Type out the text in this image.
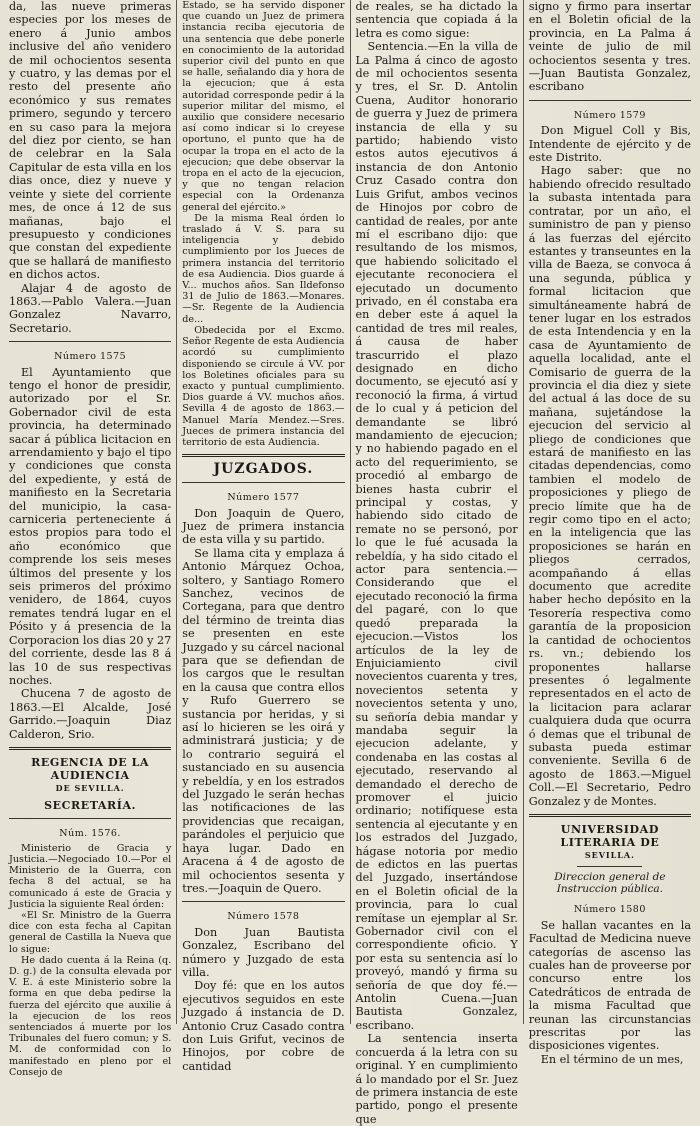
da, las nueve primeras especies por los meses de enero á Junio ambos inclusive del año venidero de mil ochocientos sesenta y cuatro, y las demas por el resto del presente año económico y sus remates primero, segundo y tercero en su caso para la mejora del diez por ciento, se han de celebrar en la Sala Capitular de esta villa en los dias once, diez y nueve y veinte y siete del corriente mes, de once á 12 de sus mañanas, bajo el presupuesto y condiciones que constan del expediente que se hallará de manifiesto en dichos actos.

Alajar 4 de agosto de 1863.—Pablo Valera.—Juan Gonzalez Navarro, Secretario.

Número 1575

El Ayuntamiento que tengo el honor de presidir, autorizado por el Sr. Gobernador civil de esta provincia, ha determinado sacar á pública licitacion en arrendamiento y bajo el tipo y condiciones que consta del expediente, y está de manifiesto en la Secretaria del municipio, la casa-carniceria perteneciente á estos propios para todo el año económico que comprende los seis meses últimos del presente y los seis primeros del próximo venidero, de 1864, cuyos remates tendrá lugar en el Pósito y á presencia de la Corporacion los dias 20 y 27 del corriente, desde las 8 á las 10 de sus respectivas noches.

Chucena 7 de agosto de 1863.—El Alcalde, José Garrido.—Joaquin Diaz Calderon, Srio.

REGENCIA DE LA AUDIENCIA
DE SEVILLA.
SECRETARÍA.
Núm. 1576.

Ministerio de Gracia y Justicia.—Negociado 10.—Por el Ministerio de la Guerra, con fecha 8 del actual, se ha comunicado á este de Gracia y Justicia la siguiente Real órden:

«El Sr. Ministro de la Guerra dice con esta fecha al Capitan general de Castilla la Nueva que lo sigue:

He dado cuenta á la Reina (q. D. g.) de la consulta elevada por V. E. á este Ministerio sobre la forma en que deba pedirse la fuerza del ejército que auxilie á la ejecucion de los reos sentenciados á muerte por los Tribunales del fuero comun; y S. M. de conformidad con lo manifestado en pleno por el Consejo de

Estado, se ha servido disponer que cuando un Juez de primera instancia reciba ejecutoria de una sentencia que debe ponerle en conocimiento de la autoridad superior civil del punto en que se halle, señalando dia y hora de la ejecucion; que á esta autoridad corresponde pedir á la superior militar del mismo, el auxilio que considere necesario así como indicar si lo creyese oportuno, el punto que ha de ocupar la tropa en el acto de la ejecucion; que debe observar la tropa en el acto de la ejecucion, y que no tengan relacion especial con la Ordenanza general del ejército.»

De la misma Real órden lo traslado á V. S. para su inteligencia y debido cumplimiento por los Jueces de primera instancia del territorio de esa Audiencia. Dios guarde á V... muchos años. San Ildefonso 31 de Julio de 1863.—Monares.—Sr. Regente de la Audiencia de...

Obedecida por el Excmo. Señor Regente de esta Audiencia acordó su cumplimiento disponiendo se circule á VV. por los Boletines oficiales para su exacto y puntual cumplimiento. Dios guarde á VV. muchos años. Sevilla 4 de agosto de 1863.—Manuel María Mendez.—Sres. Jueces de primera instancia del territorio de esta Audiencia.

JUZGADOS.
Número 1577

Don Joaquin de Quero, Juez de primera instancia de esta villa y su partido.

Se llama cita y emplaza á Antonio Márquez Ochoa, soltero, y Santiago Romero Sanchez, vecinos de Cortegana, para que dentro del término de treinta dias se presenten en este Juzgado y su cárcel nacional para que se defiendan de los cargos que le resultan en la causa que contra ellos y Rufo Guerrero se sustancia por heridas, y si así lo hicieren se les oirá y administrará justicia; y de lo contrario seguirá el sustanciado en su ausencia y rebeldía, y en los estrados del Juzgado le serán hechas las notificaciones de las providencias que recaigan, parándoles el perjuicio que haya lugar. Dado en Aracena á 4 de agosto de mil ochocientos sesenta y tres.—Joaquin de Quero.

Número 1578

Don Juan Bautista Gonzalez, Escribano del número y Juzgado de esta villa.

Doy fé: que en los autos ejecutivos seguidos en este Juzgado á instancia de D. Antonio Cruz Casado contra don Luis Grifut, vecinos de Hinojos, por cobre de cantidad

de reales, se ha dictado la sentencia que copiada á la letra es como sigue:

Sentencia.—En la villa de La Palma á cinco de agosto de mil ochocientos sesenta y tres, el Sr. D. Antolin Cuena, Auditor honorario de guerra y Juez de primera instancia de ella y su partido; habiendo visto estos autos ejecutivos á instancia de don Antonio Cruz Casado contra don Luis Grifut, ambos vecinos de Hinojos por cobro de cantidad de reales, por ante mí el escribano dijo: que resultando de los mismos, que habiendo solicitado el ejecutante reconociera el ejecutado un documento privado, en él constaba era en deber este á aquel la cantidad de tres mil reales, á causa de haber trascurrido el plazo designado en dicho documento, se ejecutó así y reconoció la firma, á virtud de lo cual y á peticion del demandante se libró mandamiento de ejecucion; y no habiendo pagado en el acto del requerimiento, se procedió al embargo de bienes hasta cubrir el principal y costas, y habiendo sido citado de remate no se personó, por lo que le fué acusada la rebeldía, y ha sido citado el actor para sentencia.—Considerando que el ejecutado reconoció la firma del pagaré, con lo que quedó preparada la ejecucion.—Vistos los artículos de la ley de Enjuiciamiento civil novecientos cuarenta y tres, novecientos setenta y novecientos setenta y uno, su señoría debia mandar y mandaba seguir la ejecucion adelante, y condenaba en las costas al ejecutado, reservando al demandado el derecho de promover el juicio ordinario; notifíquese esta sentencia al ejecutante y en los estrados del Juzgado, hágase notoria por medio de edictos en las puertas del Juzgado, insertándose en el Boletin oficial de la provincia, para lo cual remítase un ejemplar al Sr. Gobernador civil con el correspondiente oficio. Y por esta su sentencia así lo proveyó, mandó y firma su señoría de que doy fé.—Antolin Cuena.—Juan Bautista Gonzalez, escribano.

La sentencia inserta concuerda á la letra con su original. Y en cumplimiento á lo mandado por el Sr. Juez de primera instancia de este partido, pongo el presente que

signo y firmo para insertar en el Boletin oficial de la provincia, en La Palma á veinte de julio de mil ochocientos sesenta y tres.—Juan Bautista Gonzalez, escribano

Número 1579

Don Miguel Coll y Bis, Intendente de ejército y de este Distrito.

Hago saber: que no habiendo ofrecido resultado la subasta intentada para contratar, por un año, el suministro de pan y pienso á las fuerzas del ejército estantes y transeuntes en la villa de Baeza, se convoca á una segunda, pública y formal licitacion que simultáneamente habrá de tener lugar en los estrados de esta Intendencia y en la casa de Ayuntamiento de aquella localidad, ante el Comisario de guerra de la provincia el dia diez y siete del actual á las doce de su mañana, sujetándose la ejecucion del servicio al pliego de condiciones que estará de manifiesto en las citadas dependencias, como tambien el modelo de proposiciones y pliego de precio límite que ha de regir como tipo en el acto; en la inteligencia que las proposiciones se harán en pliegos cerrados, acompañando á ellas documento que acredite haber hecho depósito en la Tesorería respectiva como garantía de la proposicion la cantidad de ochocientos rs. vn.; debiendo los proponentes hallarse presentes ó legalmente representados en el acto de la licitacion para aclarar cualquiera duda que ocurra ó demas que el tribunal de subasta pueda estimar conveniente. Sevilla 6 de agosto de 1863.—Miguel Coll.—El Secretario, Pedro Gonzalez y de Montes.

UNIVERSIDAD LITERARIA DE
SEVILLA.
Direccion general de Instruccion pública.
Número 1580

Se hallan vacantes en la Facultad de Medicina nueve categorías de ascenso las cuales han de proveerse por concurso entre los Catedráticos de entrada de la misma Facultad que reunan las circunstancias prescritas por las disposiciones vigentes.

En el término de un mes,
